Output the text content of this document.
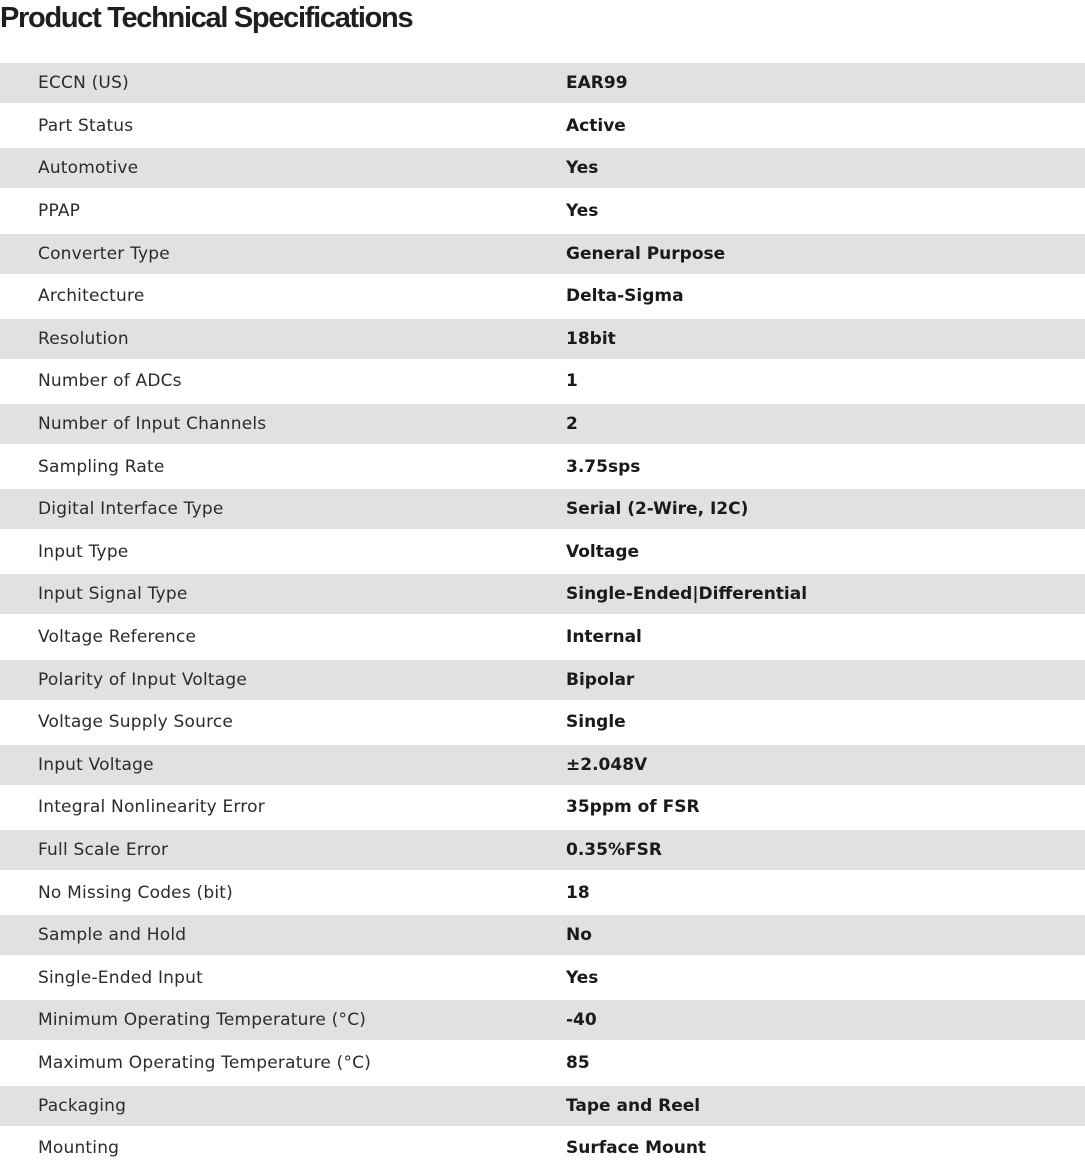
Product Technical Specifications
ECCN (US)	EAR99
Part Status	Active
Automotive	Yes
PPAP	Yes
Converter Type	General Purpose
Architecture	Delta-Sigma
Resolution	18bit
Number of ADCs	1
Number of Input Channels	2
Sampling Rate	3.75sps
Digital Interface Type	Serial (2-Wire, I2C)
Input Type	Voltage
Input Signal Type	Single-Ended|Differential
Voltage Reference	Internal
Polarity of Input Voltage	Bipolar
Voltage Supply Source	Single
Input Voltage	±2.048V
Integral Nonlinearity Error	35ppm of FSR
Full Scale Error	0.35%FSR
No Missing Codes (bit)	18
Sample and Hold	No
Single-Ended Input	Yes
Minimum Operating Temperature (°C)	-40
Maximum Operating Temperature (°C)	85
Packaging	Tape and Reel
Mounting	Surface Mount
